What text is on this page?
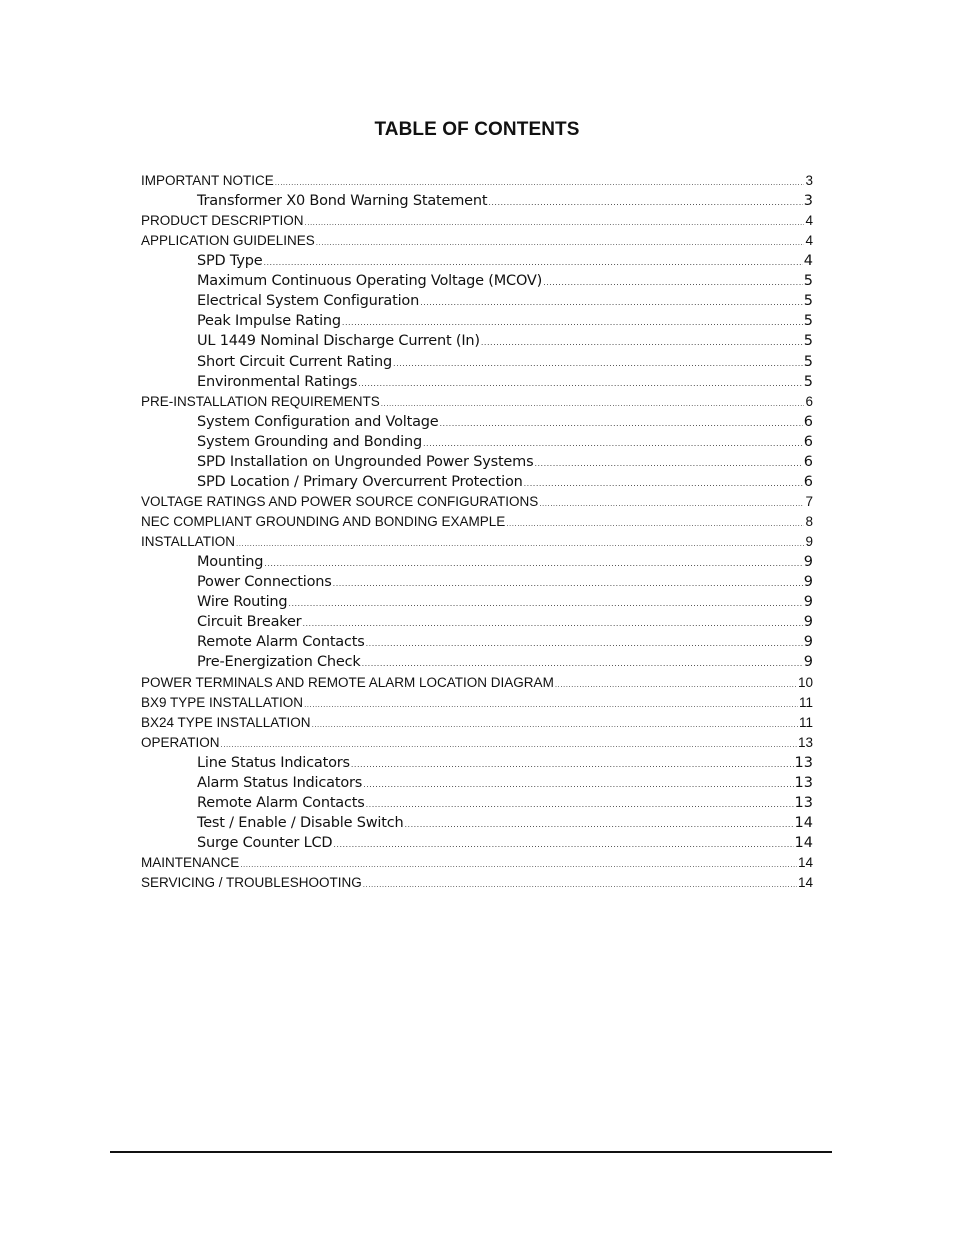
TABLE OF CONTENTS
IMPORTANT NOTICE .....	3
Transformer X0 Bond Warning Statement .....	3
PRODUCT DESCRIPTION .....	4
APPLICATION GUIDELINES .....	4
SPD Type .....	4
Maximum Continuous Operating Voltage (MCOV) .....	5
Electrical System Configuration .....	5
Peak Impulse Rating .....	5
UL 1449 Nominal Discharge Current (In) .....	5
Short Circuit Current Rating .....	5
Environmental Ratings .....	5
PRE-INSTALLATION REQUIREMENTS .....	6
System Configuration and Voltage .....	6
System Grounding and Bonding .....	6
SPD Installation on Ungrounded Power Systems .....	6
SPD Location / Primary Overcurrent Protection .....	6
VOLTAGE RATINGS AND POWER SOURCE CONFIGURATIONS .....	7
NEC COMPLIANT GROUNDING AND BONDING EXAMPLE .....	8
INSTALLATION .....	9
Mounting .....	9
Power Connections .....	9
Wire Routing .....	9
Circuit Breaker .....	9
Remote Alarm Contacts .....	9
Pre-Energization Check .....	9
POWER TERMINALS AND REMOTE ALARM LOCATION DIAGRAM .....	10
BX9 TYPE INSTALLATION .....	11
BX24 TYPE INSTALLATION .....	11
OPERATION .....	13
Line Status Indicators .....	13
Alarm Status Indicators .....	13
Remote Alarm Contacts .....	13
Test / Enable / Disable Switch .....	14
Surge Counter LCD .....	14
MAINTENANCE .....	14
SERVICING / TROUBLESHOOTING .....	14
